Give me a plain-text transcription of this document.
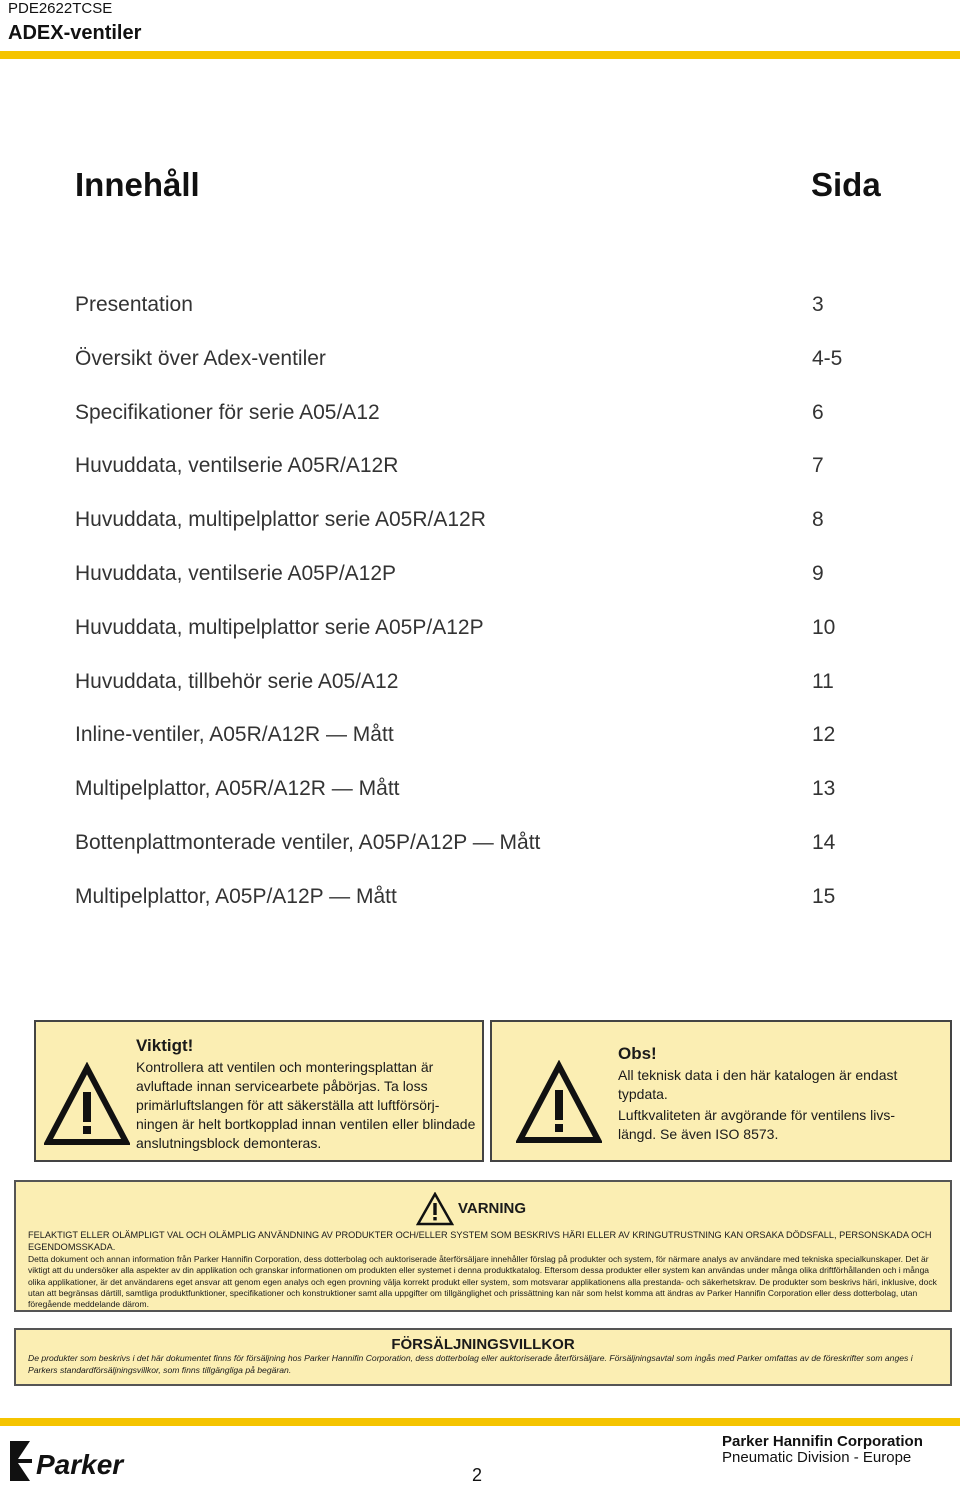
PDE2622TCSE
ADEX-ventiler
Innehåll	Sida
Presentation	3
Översikt över Adex-ventiler	4-5
Specifikationer för serie A05/A12	6
Huvuddata, ventilserie A05R/A12R	7
Huvuddata, multipelplattor serie A05R/A12R	8
Huvuddata, ventilserie A05P/A12P	9
Huvuddata, multipelplattor serie A05P/A12P	10
Huvuddata, tillbehör serie A05/A12	11
Inline-ventiler, A05R/A12R — Mått	12
Multipelplattor, A05R/A12R — Mått	13
Bottenplattmonterade ventiler, A05P/A12P — Mått	14
Multipelplattor, A05P/A12P — Mått	15
Viktigt!

Kontrollera att ventilen och monteringsplattan är avluftade innan servicearbete påbörjas. Ta loss primärluftslangen för att säkerställa att luftförsörj-ningen är helt bortkopplad innan ventilen eller blindade anslutningsblock demonteras.

Obs!

All teknisk data i den här katalogen är endast typdata.

Luftkvaliteten är avgörande för ventilens livs-längd. Se även ISO 8573.

VARNING
FELAKTIGT ELLER OLÄMPLIGT VAL OCH OLÄMPLIG ANVÄNDNING AV PRODUKTER OCH/ELLER SYSTEM SOM BESKRIVS HÄRI ELLER AV KRINGUTRUSTNING KAN ORSAKA DÖDSFALL, PERSONSKADA OCH EGENDOMSSKADA.
Detta dokument och annan information från Parker Hannifin Corporation, dess dotterbolag och auktoriserade återförsäljare innehåller förslag på produkter och system, för närmare analys av användare med tekniska specialkunskaper. Det är viktigt att du undersöker alla aspekter av din applikation och granskar informationen om produkten eller systemet i denna produktkatalog. Eftersom dessa produkter eller system kan användas under många olika driftförhållanden och i många olika applikationer, är det användarens eget ansvar att genom egen analys och egen provning välja korrekt produkt eller system, som motsvarar applikationens alla prestanda- och säkerhetskrav. De produkter som beskrivs häri, inklusive, dock utan att begränsas därtill, samtliga produktfunktioner, specifikationer och konstruktioner samt alla uppgifter om tillgänglighet och prissättning kan när som helst komma att ändras av Parker Hannifin Corporation eller dess dotterbolag, utan föregående meddelande därom.
FÖRSÄLJNINGSVILLKOR
De produkter som beskrivs i det här dokumentet finns för försäljning hos Parker Hannifin Corporation, dess dotterbolag eller auktoriserade återförsäljare. Försäljningsavtal som ingås med Parker omfattas av de föreskrifter som anges i Parkers standardförsäljningsvillkor, som finns tillgängliga på begäran.
Parker	2
Parker Hannifin Corporation
Pneumatic Division - Europe
